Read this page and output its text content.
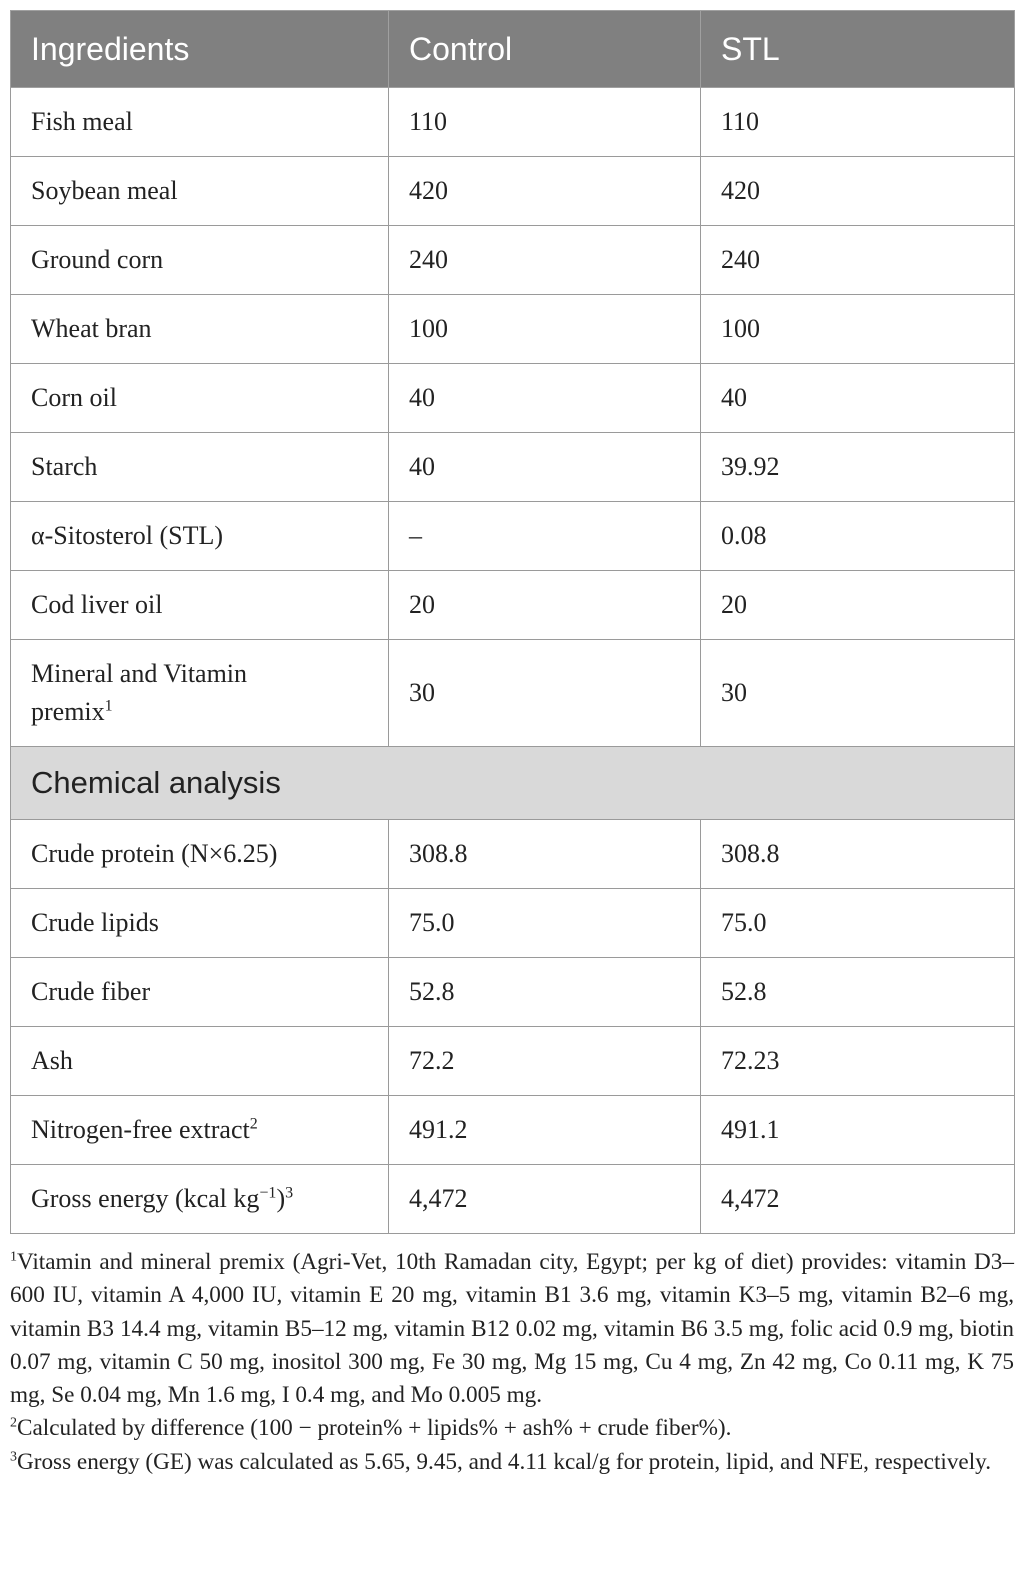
Ingredients	Control	STL
Fish meal	110	110
Soybean meal	420	420
Ground corn	240	240
Wheat bran	100	100
Corn oil	40	40
Starch	40	39.92
α-Sitosterol (STL)	–	0.08
Cod liver oil	20	20
Mineral and Vitamin
premix$^1$	30	30
Chemical analysis		
Crude protein (N×6.25)	308.8	308.8
Crude lipids	75.0	75.0
Crude fiber	52.8	52.8
Ash	72.2	72.23
Nitrogen-free extract$^2$	491.2	491.1
Gross energy (kcal $kg^{-1})^3$	4,472	4,472

$^1$Vitamin and mineral premix (Agri-Vet, 10th Ramadan city, Egypt; per kg of diet) provides: vitamin D3–600 IU, vitamin A 4,000 IU, vitamin E 20 mg, vitamin B1 3.6 mg, vitamin K3–5 mg, vitamin B2–6 mg, vitamin B3 14.4 mg, vitamin B5–12 mg, vitamin B12 0.02 mg, vitamin B6 3.5 mg, folic acid 0.9 mg, biotin 0.07 mg, vitamin C 50 mg, inositol 300 mg, Fe 30 mg, Mg 15 mg, Cu 4 mg, Zn 42 mg, Co 0.11 mg, K 75 mg, Se 0.04 mg, Mn 1.6 mg, I 0.4 mg, and Mo 0.005 mg.

$^2$Calculated by difference (100 − protein% + lipids% + ash% + crude fiber%).

$^3$Gross energy (GE) was calculated as 5.65, 9.45, and 4.11 kcal/g for protein, lipid, and NFE, respectively.
